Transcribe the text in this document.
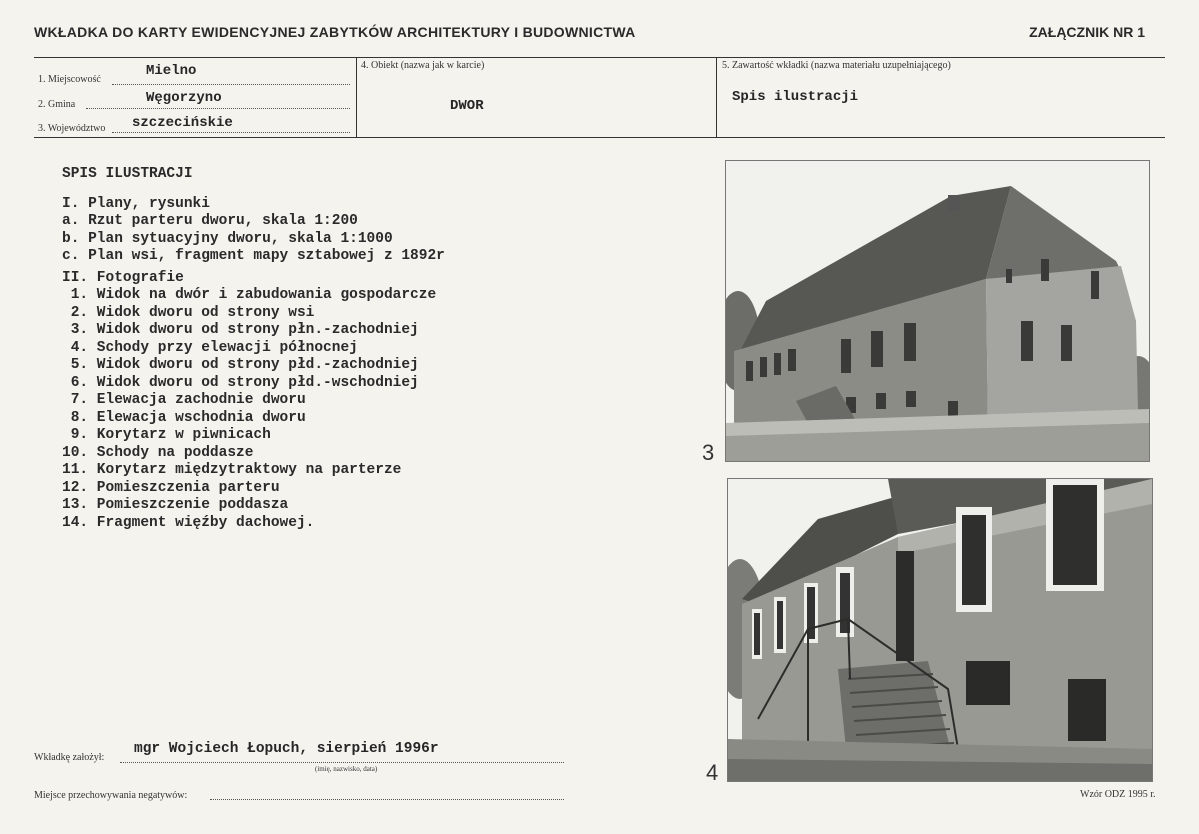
WKŁADKA DO KARTY EWIDENCYJNEJ ZABYTKÓW ARCHITEKTURY I BUDOWNICTWA	ZAŁĄCZNIK NR 1
1. Miejscowość
Mielno
2. Gmina	Węgorzyno
3. Województwo szczecińskie
4. Obiekt (nazwa jak w karcie)
DWOR
5. Zawartość wkładki (nazwa materiału uzupełniającego)
Spis ilustracji
SPIS ILUSTRACJI
I. Plany, rysunki
a. Rzut parteru dworu, skala 1:200
b. Plan sytuacyjny dworu, skala 1:1000
c. Plan wsi, fragment mapy sztabowej z 1892r
II. Fotografie
1. Widok na dwór i zabudowania gospodarcze
2. Widok dworu od strony wsi
3. Widok dworu od strony płn.-zachodniej
4. Schody przy elewacji północnej
5. Widok dworu od strony płd.-zachodniej
6. Widok dworu od strony płd.-wschodniej
7. Elewacja zachodnie dworu
8. Elewacja wschodnia dworu
9. Korytarz w piwnicach
10. Schody na poddasze
11. Korytarz międzytraktowy na parterze
12. Pomieszczenia parteru
13. Pomieszczenie poddasza
14. Fragment więźby dachowej.
3
4
Wkładkę założył:
mgr Wojciech Łopuch, sierpień 1996r
(imię, nazwisko, data)
Miejsce przechowywania negatywów:	Wzór ODZ 1995 r.
